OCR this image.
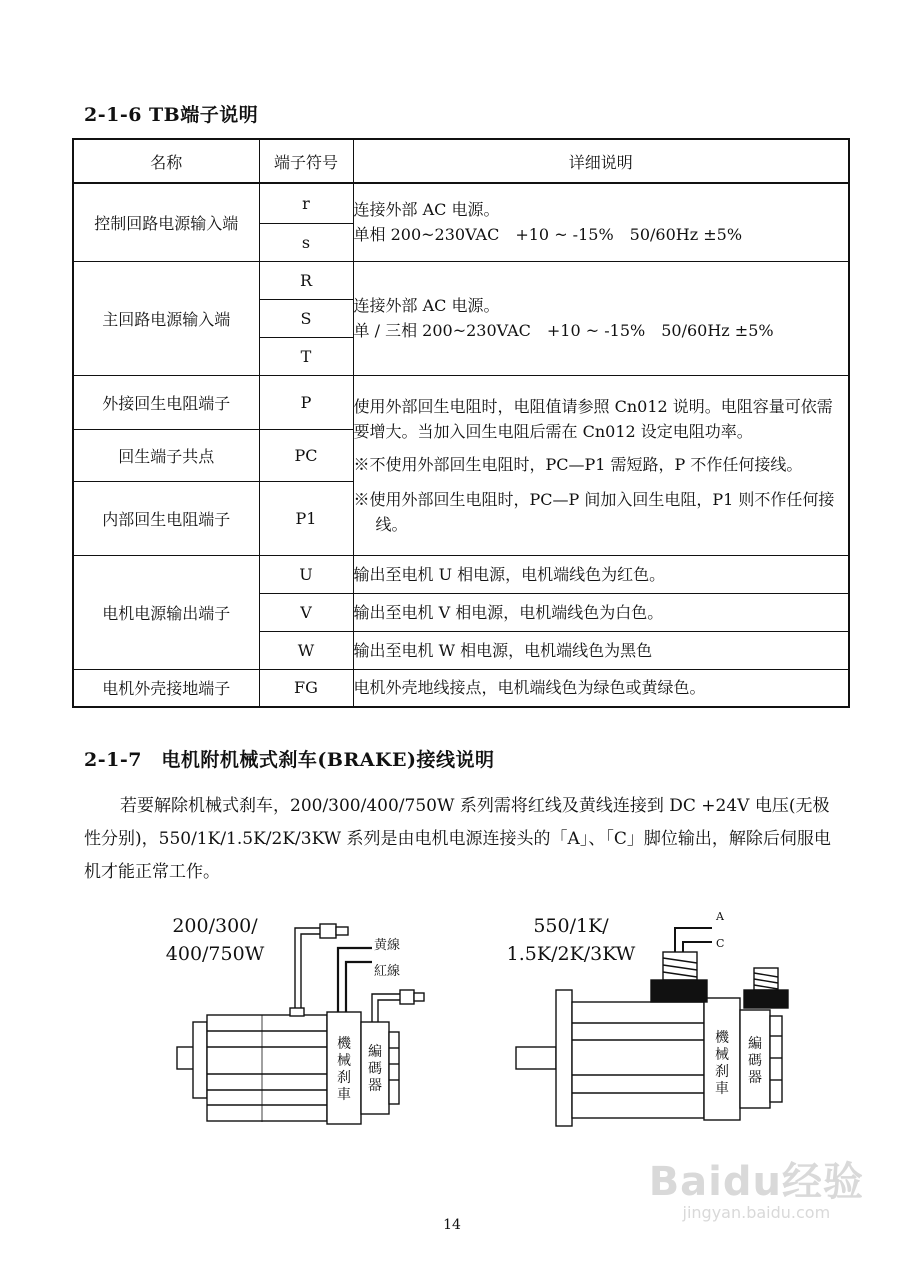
2-1-6 TB端子说明
名称	端子符号	详细说明
控制回路电源输入端	r	连接外部 AC 电源。
单相 200~230VAC　+10 ~ -15%　50/60Hz ±5%

	s	
主回路电源输入端	R	连接外部 AC 电源。
单 / 三相 200~230VAC　+10 ~ -15%　50/60Hz ±5%

	S	
	T	
外接回生电阻端子	P	使用外部回生电阻时，电阻值请参照 Cn012 说明。电阻容量可依需要增大。当加入回生电阻后需在 Cn012 设定电阻功率。
※不使用外部回生电阻时，PC—P1 需短路，P 不作任何接线。
※使用外部回生电阻时，PC—P 间加入回生电阻，P1 则不作任何接线。

回生端子共点	PC	
内部回生电阻端子	P1	
电机电源输出端子	U	输出至电机 U 相电源，电机端线色为红色。
	V	输出至电机 V 相电源，电机端线色为白色。
	W	输出至电机 W 相电源，电机端线色为黑色
电机外壳接地端子	FG	电机外壳地线接点，电机端线色为绿色或黄绿色。
2-1-7　电机附机械式刹车(BRAKE)接线说明
若要解除机械式刹车，200/300/400/750W 系列需将红线及黄线连接到 DC +24V 电压(无极性分别)，550/1K/1.5K/2K/3KW 系列是由电机电源连接头的「A」、「C」脚位输出，解除后伺服电机才能正常工作。
200/300/
400/750W	黄線
紅線
機械刹車
編碼器
550/1K/
1.5K/2K/3KW
A
C
機械刹車
編碼器
14
Baidu经验
jingyan.baidu.com
